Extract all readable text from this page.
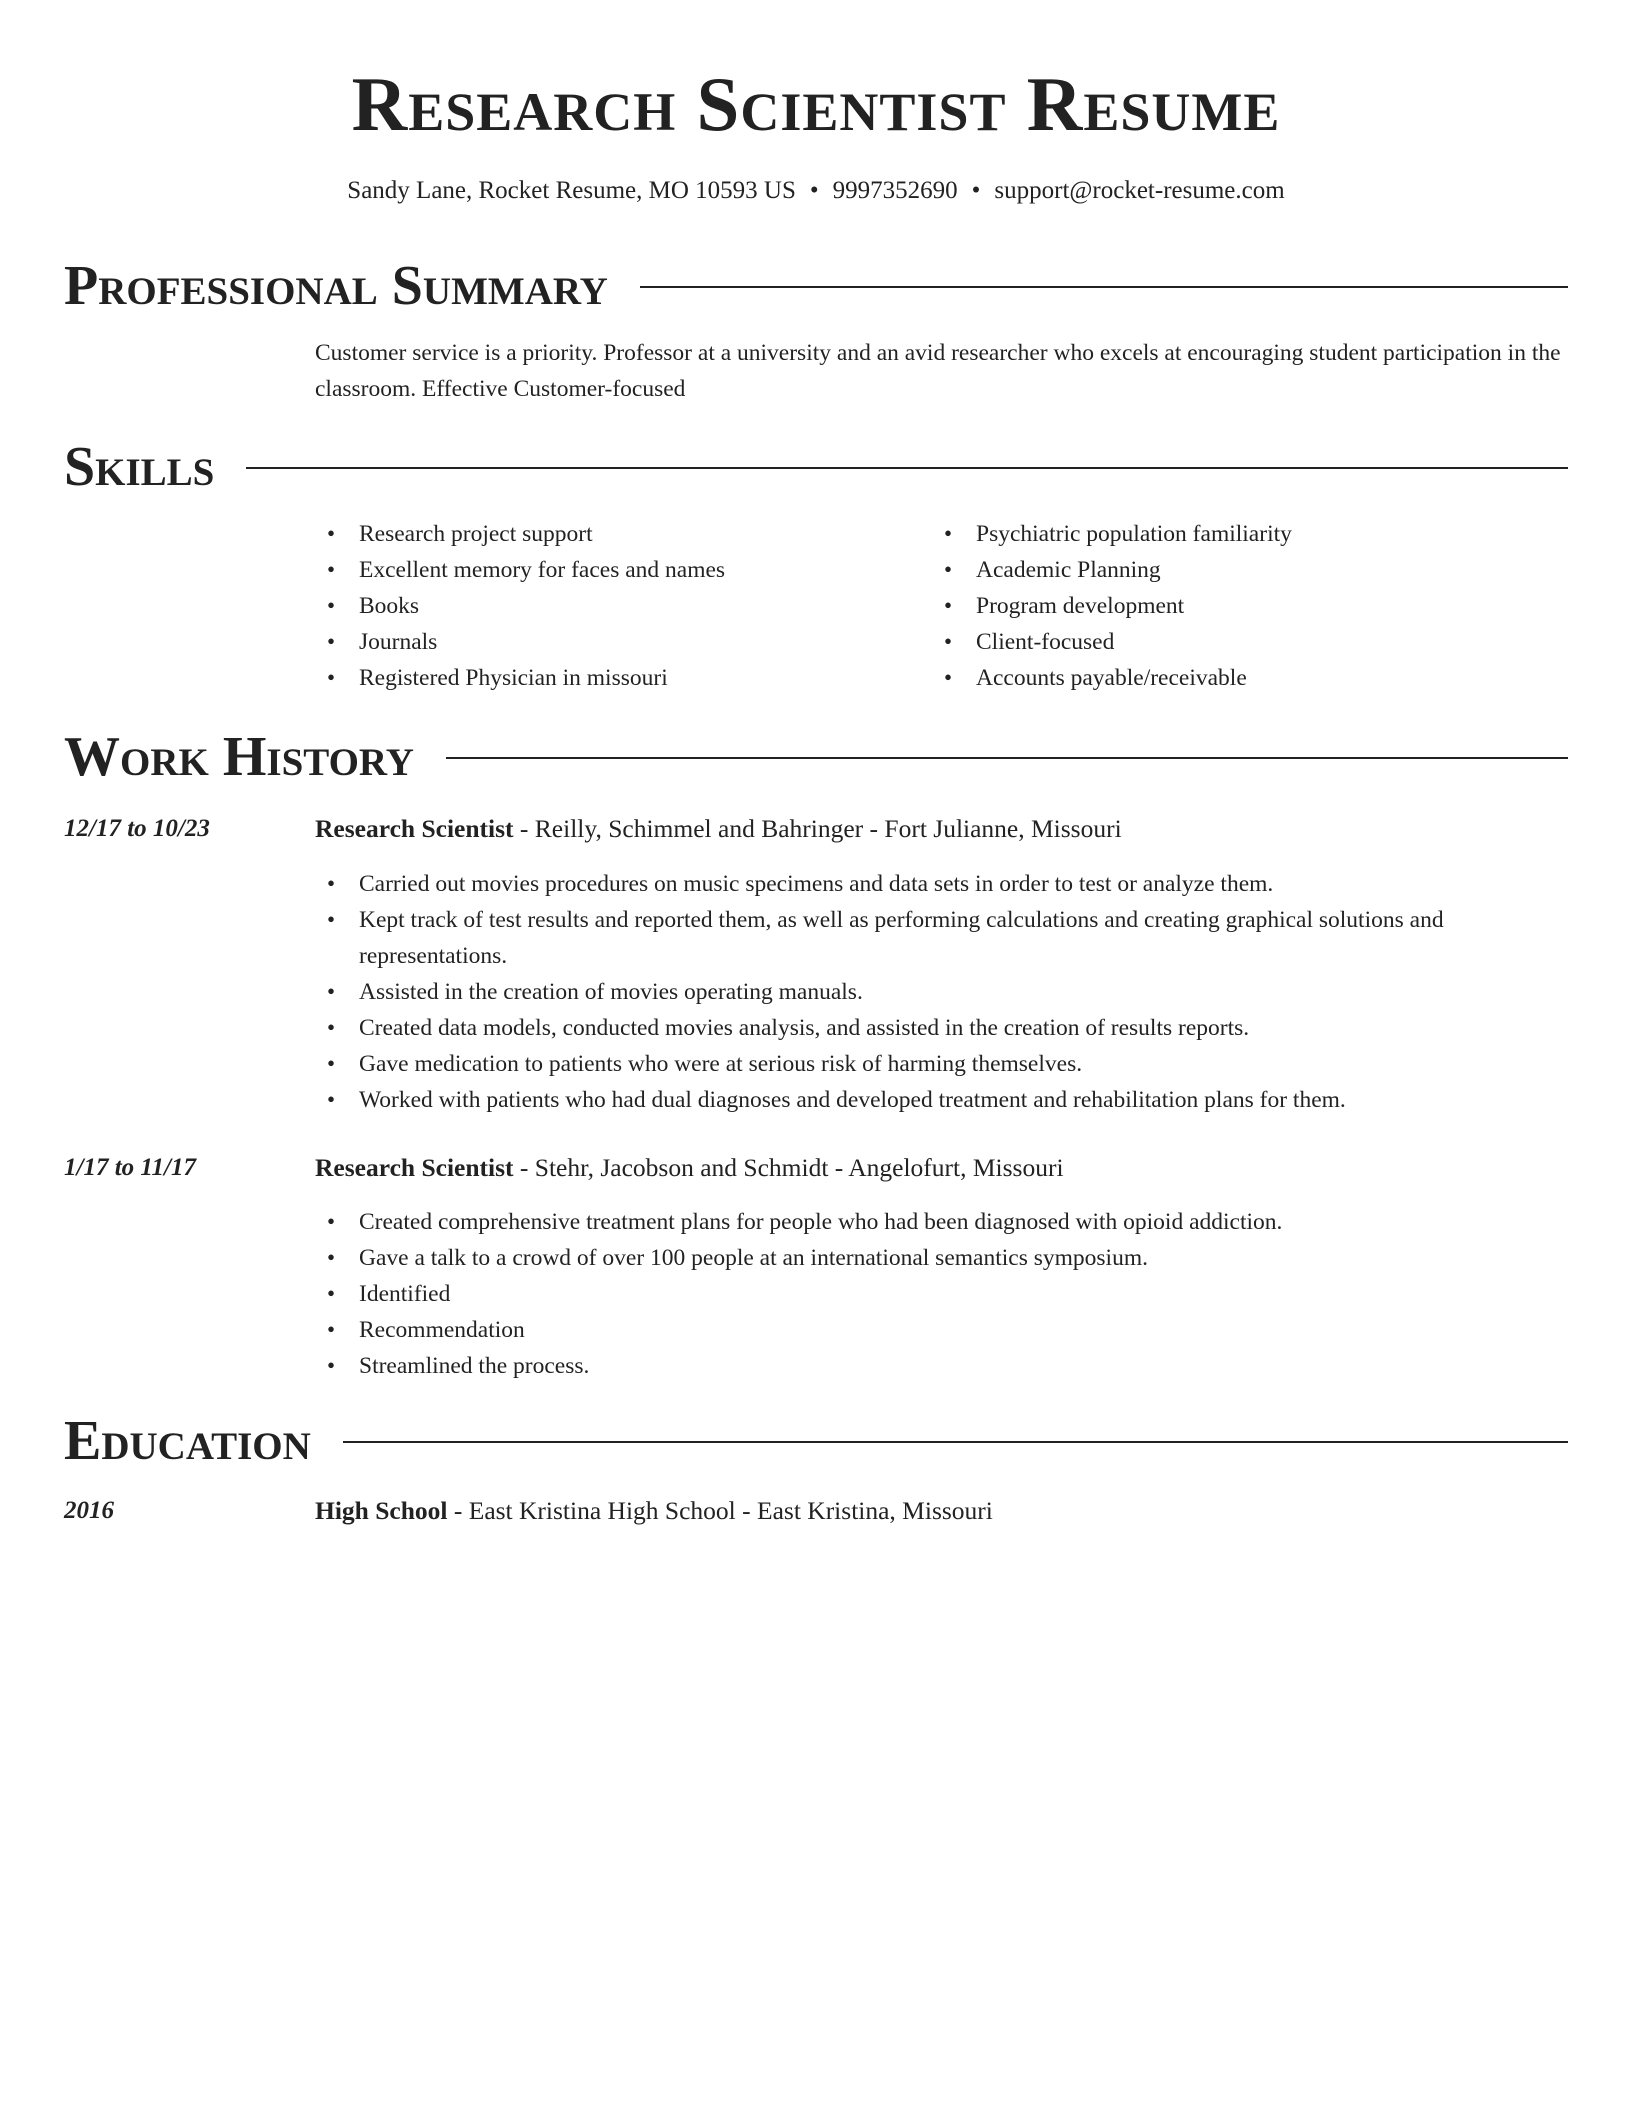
Research Scientist Resume
Sandy Lane, Rocket Resume, MO 10593 US • 9997352690 • support@rocket-resume.com
Professional Summary

Customer service is a priority. Professor at a university and an avid researcher who excels at encouraging student participation in the classroom. Effective Customer-focused

Skills
• Research project support
• Excellent memory for faces and names
• Books
• Journals
• Registered Physician in missouri
• Psychiatric population familiarity
• Academic Planning
• Program development
• Client-focused
• Accounts payable/receivable
Work History
12/17 to 10/23	Research Scientist - Reilly, Schimmel and Bahringer - Fort Julianne, Missouri
• Carried out movies procedures on music specimens and data sets in order to test or analyze them.
• Kept track of test results and reported them, as well as performing calculations and creating graphical solutions and representations.
• Assisted in the creation of movies operating manuals.
• Created data models, conducted movies analysis, and assisted in the creation of results reports.
• Gave medication to patients who were at serious risk of harming themselves.
• Worked with patients who had dual diagnoses and developed treatment and rehabilitation plans for them.
1/17 to 11/17	Research Scientist - Stehr, Jacobson and Schmidt - Angelofurt, Missouri
• Created comprehensive treatment plans for people who had been diagnosed with opioid addiction.
• Gave a talk to a crowd of over 100 people at an international semantics symposium.
• Identified
• Recommendation
• Streamlined the process.
Education
2016	High School - East Kristina High School - East Kristina, Missouri
